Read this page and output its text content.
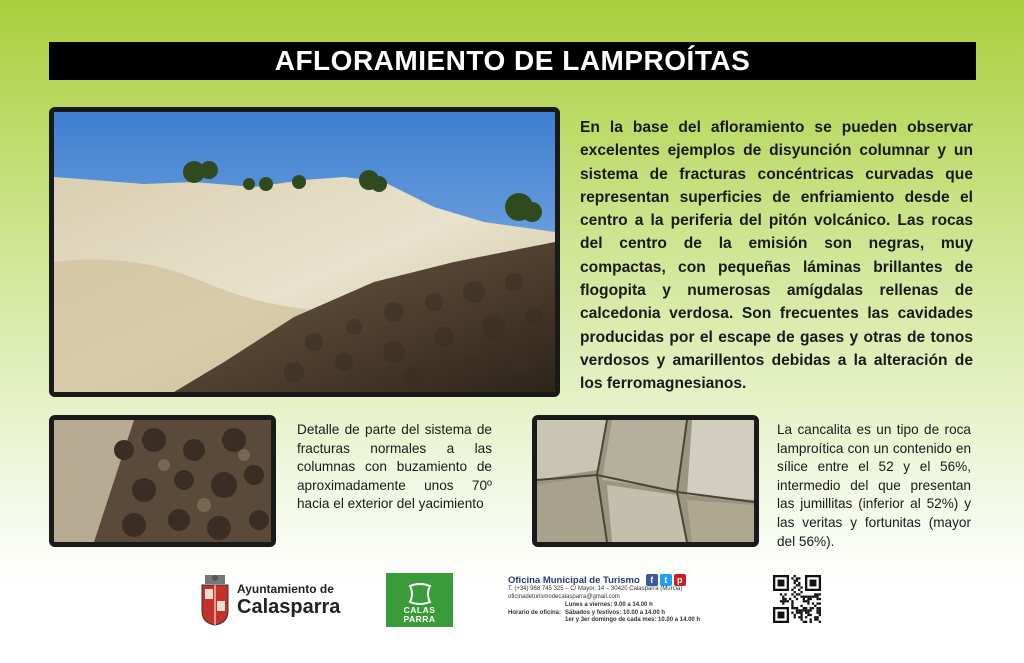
AFLORAMIENTO DE LAMPROÍTAS
En la base del afloramiento se pueden observar excelentes ejemplos de disyunción columnar y un sistema de fracturas concéntricas curvadas que representan superficies de enfriamiento desde el centro a la periferia del pitón volcánico. Las rocas del centro de la emisión son negras, muy compactas, con pequeñas láminas brillantes de flogopita y numerosas amígdalas rellenas de calcedonia verdosa. Son frecuentes las cavidades producidas por el escape de gases y otras de tonos verdosos y amarillentos debidas a la alteración de los ferromagnesianos.
Detalle de parte del sistema de fracturas normales a las columnas con buzamiento de aproximadamente unos 70º hacia el exterior del yacimiento
La cancalita es un tipo de roca lamproítica con un contenido en sílice entre el 52 y el 56%, intermedio del que presentan las jumillitas (inferior al 52%) y las veritas y fortunitas (mayor del 56%).
Ayuntamiento de
Calasparra	CALAS
PARRA
Oficina Municipal de Turismo	f	t	p
T. (+34) 968 745 325 – C/ Mayor, 14 – 30420 Calasparra (Murcia)
oficinadeturismodecalasparra@gmail.com
Horario de oficina:
Lunes a viernes: 9.00 a 14.00 h
Sábados y festivos: 10.00 a 14.00 h
1er y 3er domingo de cada mes: 10.00 a 14.00 h
